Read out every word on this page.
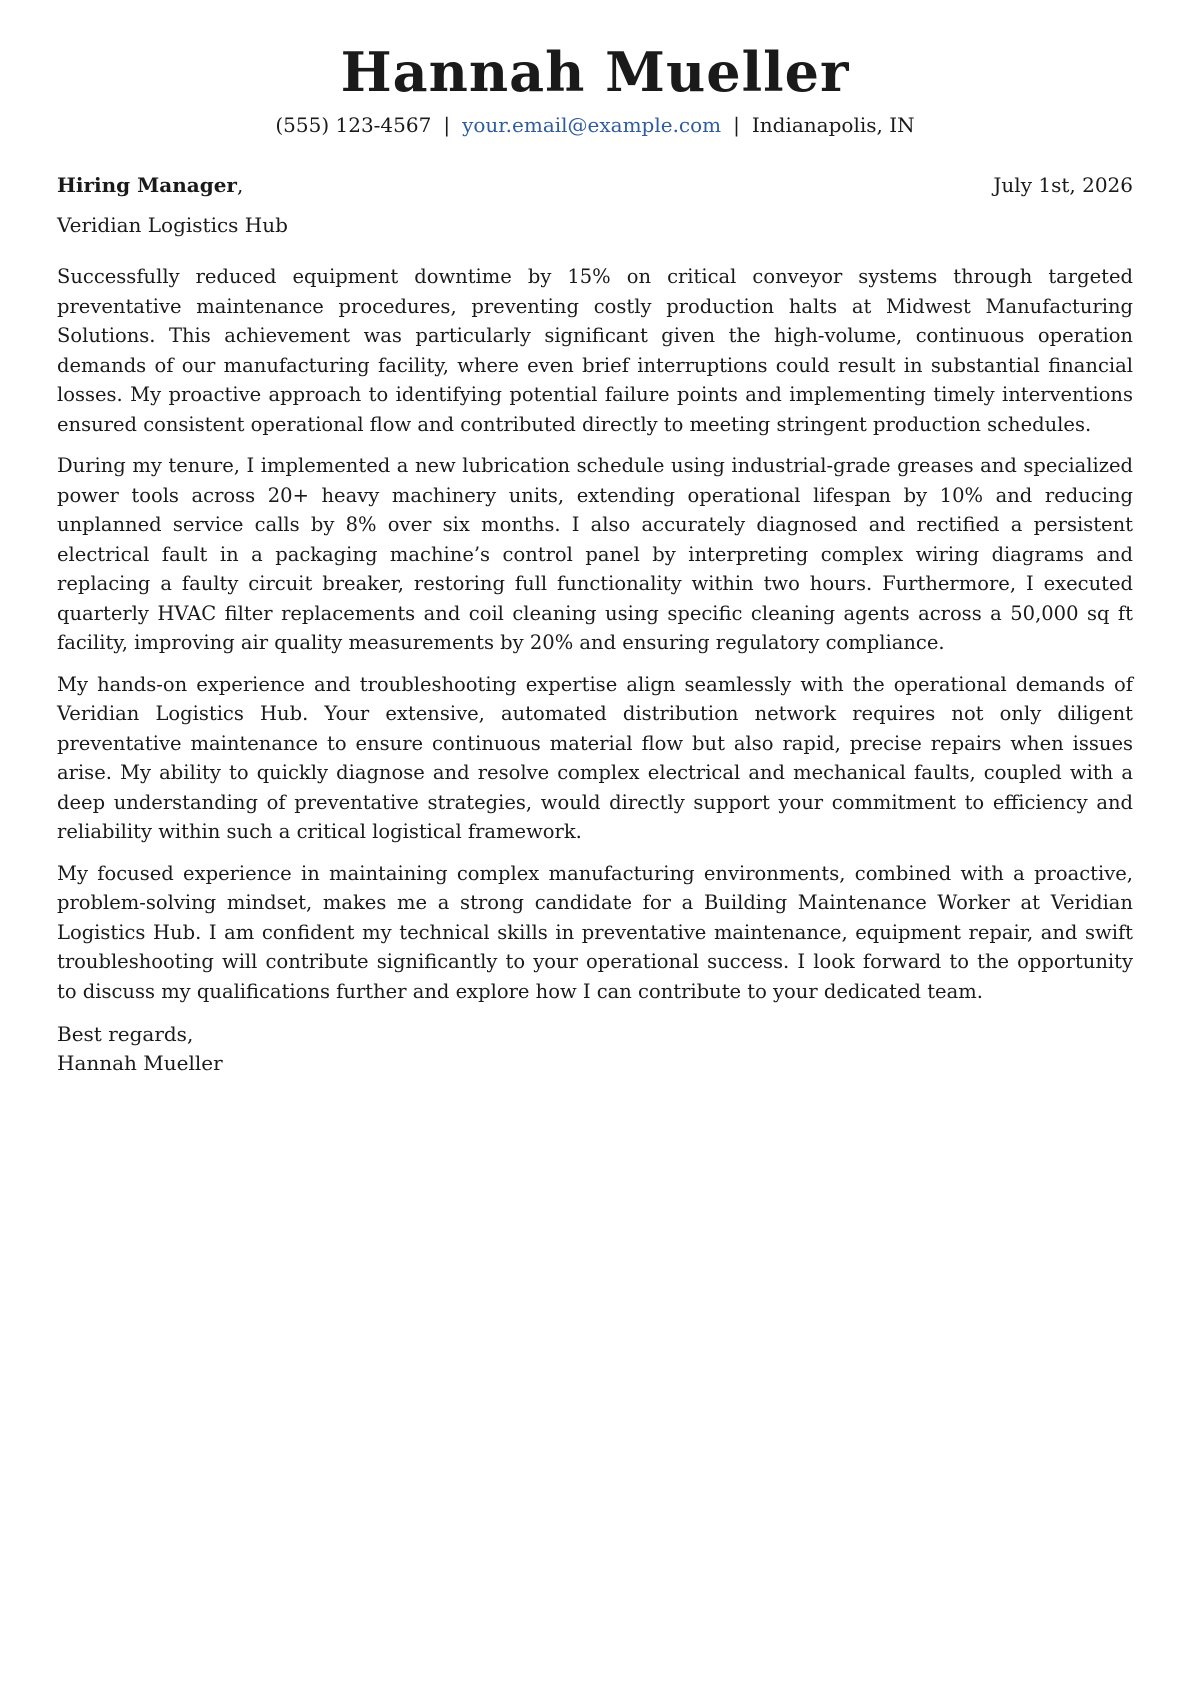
Hannah Mueller
(555) 123-4567 | your.email@example.com | Indianapolis, IN
Hiring Manager,	July 1st, 2026
Veridian Logistics Hub

Successfully reduced equipment downtime by 15% on critical conveyor systems through targeted preventative maintenance procedures, preventing costly production halts at Midwest Manufacturing Solutions. This achievement was particularly significant given the high-volume, continuous operation demands of our manufacturing facility, where even brief interruptions could result in substantial financial losses. My proactive approach to identifying potential failure points and implementing timely interventions ensured consistent operational flow and contributed directly to meeting stringent production schedules.

During my tenure, I implemented a new lubrication schedule using industrial-grade greases and specialized power tools across 20+ heavy machinery units, extending operational lifespan by 10% and reducing unplanned service calls by 8% over six months. I also accurately diagnosed and rectified a persistent electrical fault in a packaging machine’s control panel by interpreting complex wiring diagrams and replacing a faulty circuit breaker, restoring full functionality within two hours. Furthermore, I executed quarterly HVAC filter replacements and coil cleaning using specific cleaning agents across a 50,000 sq ft facility, improving air quality measurements by 20% and ensuring regulatory compliance.

My hands-on experience and troubleshooting expertise align seamlessly with the operational demands of Veridian Logistics Hub. Your extensive, automated distribution network requires not only diligent preventative maintenance to ensure continuous material flow but also rapid, precise repairs when issues arise. My ability to quickly diagnose and resolve complex electrical and mechanical faults, coupled with a deep understanding of preventative strategies, would directly support your commitment to efficiency and reliability within such a critical logistical framework.

My focused experience in maintaining complex manufacturing environments, combined with a proactive, problem-solving mindset, makes me a strong candidate for a Building Maintenance Worker at Veridian Logistics Hub. I am confident my technical skills in preventative maintenance, equipment repair, and swift troubleshooting will contribute significantly to your operational success. I look forward to the opportunity to discuss my qualifications further and explore how I can contribute to your dedicated team.

Best regards,
Hannah Mueller
